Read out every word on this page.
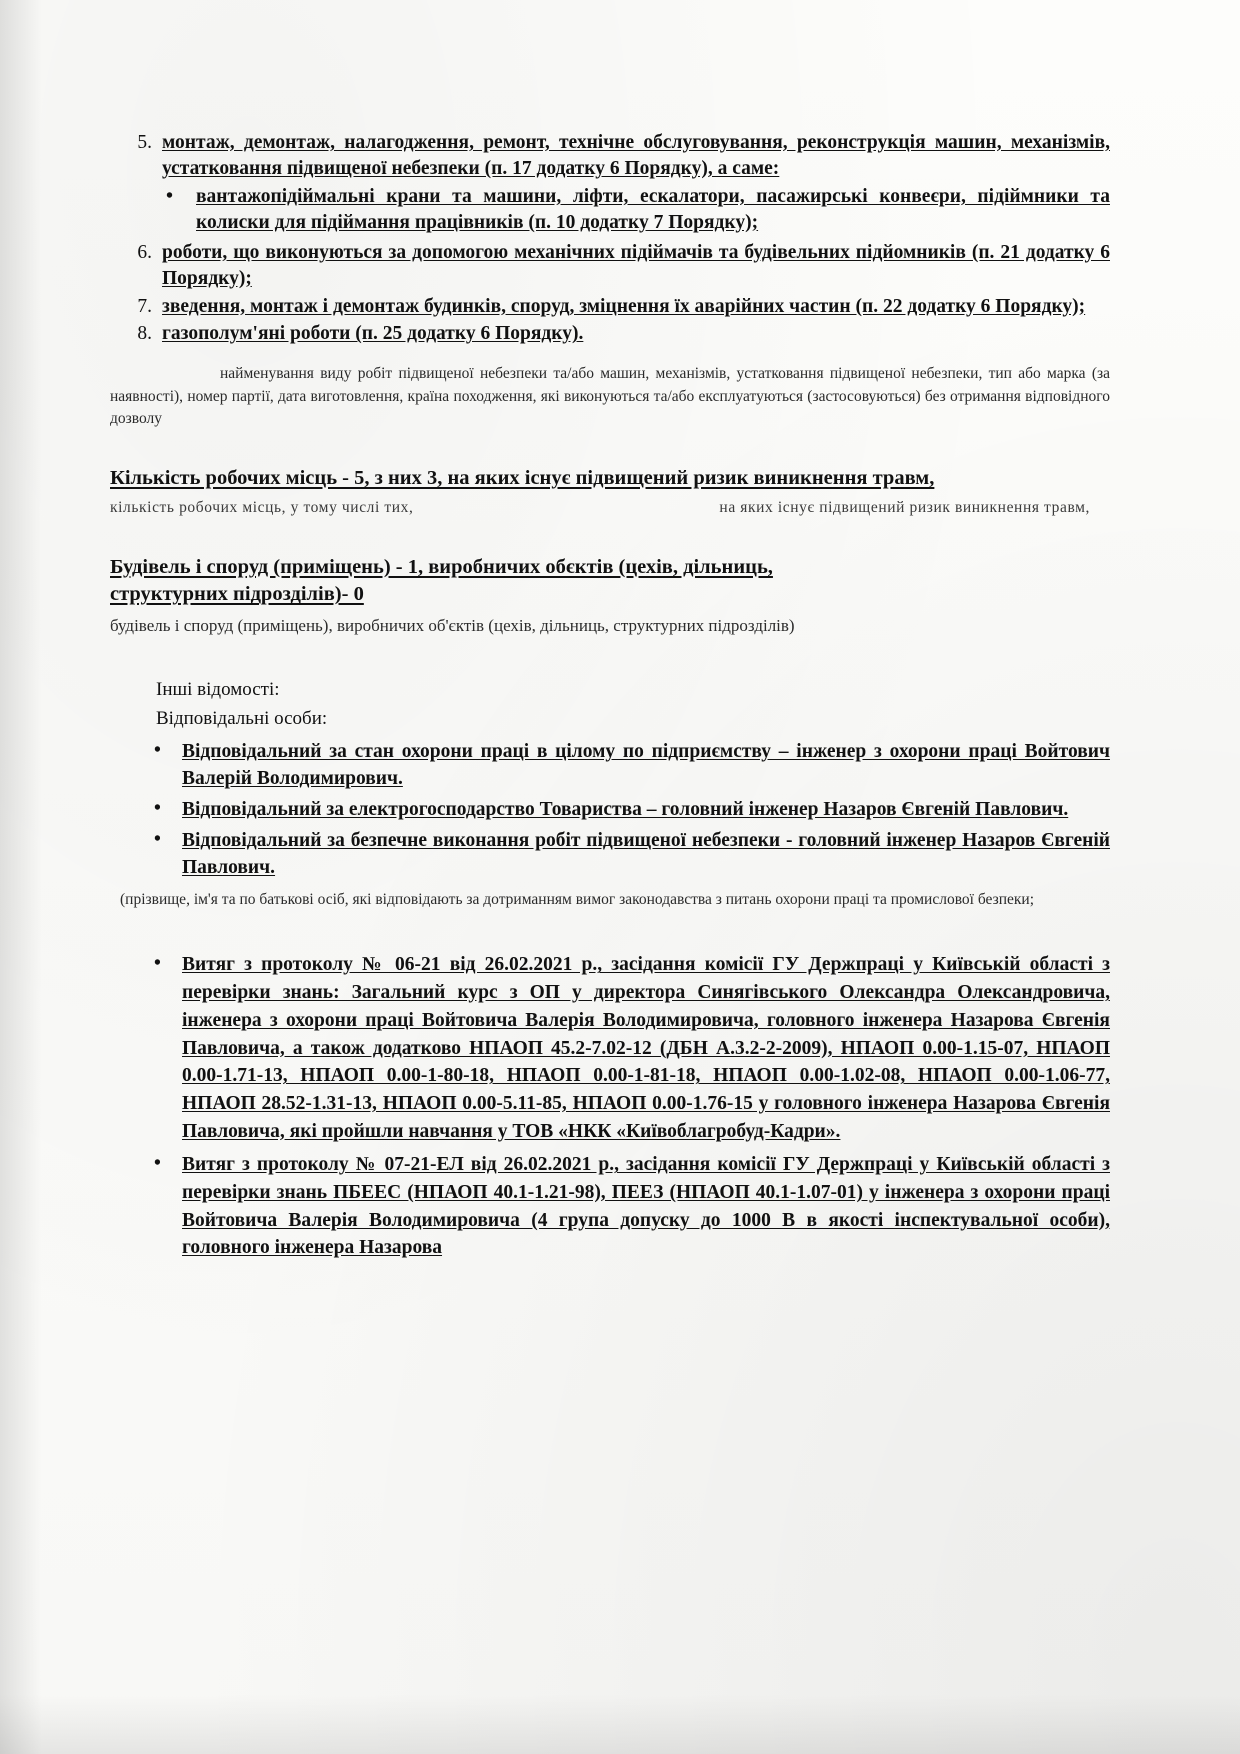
5. монтаж, демонтаж, налагодження, ремонт, технічне обслуговування, реконструкція машин, механізмів, устатковання підвищеної небезпеки (п. 17 додатку 6 Порядку), а саме:
• вантажопідіймальні крани та машини, ліфти, ескалатори, пасажирські конвеєри, підіймники та колиски для підіймання працівників (п. 10 додатку 7 Порядку);
6. роботи, що виконуються за допомогою механічних підіймачів та будівельних підйомників (п. 21 додатку 6 Порядку);
7. зведення, монтаж і демонтаж будинків, споруд, зміцнення їх аварійних частин (п. 22 додатку 6 Порядку);
8. газополум'яні роботи (п. 25 додатку 6 Порядку).

найменування виду робіт підвищеної небезпеки та/або машин, механізмів, устатковання підвищеної небезпеки, тип або марка (за наявності), номер партії, дата виготовлення, країна походження, які виконуються та/або експлуатуються (застосовуються) без отримання відповідного дозволу

Кількість робочих місць - 5, з них 3, на яких існує підвищений ризик виникнення травм,
кількість робочих місць, у тому числі тих,	на яких існує підвищений ризик виникнення травм,
Будівель і споруд (приміщень) - 1, виробничих обєктів (цехів, дільниць,
структурних підрозділів)- 0
будівель і споруд (приміщень), виробничих об'єктів (цехів, дільниць, структурних підрозділів)
Інші відомості:
Відповідальні особи:
• Відповідальний за стан охорони праці в цілому по підприємству – інженер з охорони праці Войтович Валерій Володимирович.
• Відповідальний за електрогосподарство Товариства – головний інженер Назаров Євгеній Павлович.
• Відповідальний за безпечне виконання робіт підвищеної небезпеки - головний інженер Назаров Євгеній Павлович.

(прізвище, ім'я та по батькові осіб, які відповідають за дотриманням вимог законодавства з питань охорони праці та промислової безпеки;

• Витяг з протоколу № 06-21 від 26.02.2021 р., засідання комісії ГУ Держпраці у Київській області з перевірки знань: Загальний курс з ОП у директора Синягівського Олександра Олександровича, інженера з охорони праці Войтовича Валерія Володимировича, головного інженера Назарова Євгенія Павловича, а також додатково НПАОП 45.2-7.02-12 (ДБН А.3.2-2-2009), НПАОП 0.00-1.15-07, НПАОП 0.00-1.71-13, НПАОП 0.00-1-80-18, НПАОП 0.00-1-81-18, НПАОП 0.00-1.02-08, НПАОП 0.00-1.06-77, НПАОП 28.52-1.31-13, НПАОП 0.00-5.11-85, НПАОП 0.00-1.76-15 у головного інженера Назарова Євгенія Павловича, які пройшли навчання у ТОВ «НКК «Київоблагробуд-Кадри».
• Витяг з протоколу № 07-21-ЕЛ від 26.02.2021 р., засідання комісії ГУ Держпраці у Київській області з перевірки знань ПБЕЕС (НПАОП 40.1-1.21-98), ПЕЕЗ (НПАОП 40.1-1.07-01) у інженера з охорони праці Войтовича Валерія Володимировича (4 група допуску до 1000 В в якості інспектувальної особи), головного інженера Назарова
